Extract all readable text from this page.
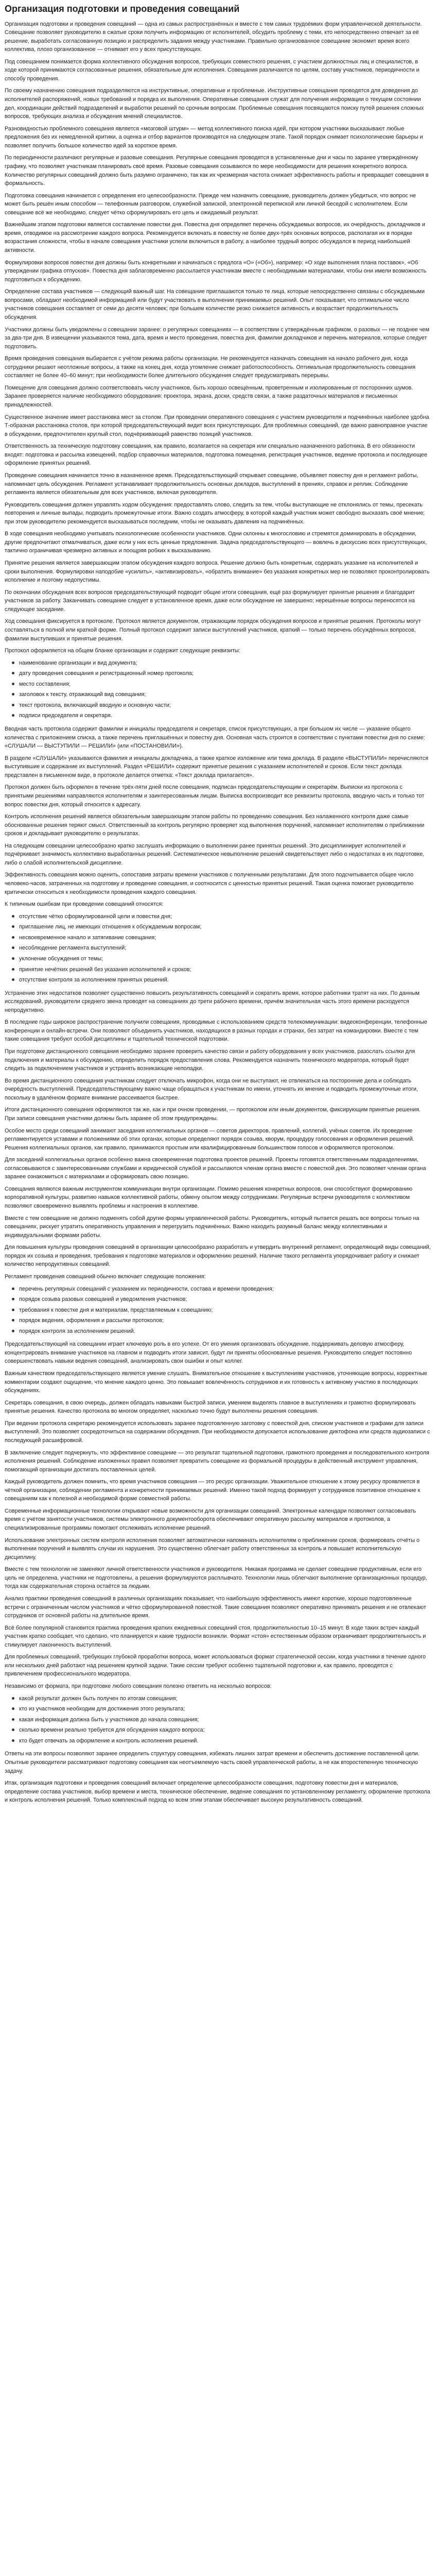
Организация подготовки и проведения совещаний

Организация подготовки и проведения совещаний — одна из самых распространённых и вместе с тем самых трудоёмких форм управленческой деятельности. Совещание позволяет руководителю в сжатые сроки получить информацию от исполнителей, обсудить проблему с теми, кто непосредственно отвечает за её решение, выработать согласованную позицию и распределить задания между участниками. Правильно организованное совещание экономит время всего коллектива, плохо организованное — отнимает его у всех присутствующих.

Под совещанием понимается форма коллективного обсуждения вопросов, требующих совместного решения, с участием должностных лиц и специалистов, в ходе которой принимаются согласованные решения, обязательные для исполнения. Совещания различаются по целям, составу участников, периодичности и способу проведения.

По своему назначению совещания подразделяются на инструктивные, оперативные и проблемные. Инструктивные совещания проводятся для доведения до исполнителей распоряжений, новых требований и порядка их выполнения. Оперативные совещания служат для получения информации о текущем состоянии дел, координации действий подразделений и выработки решений по срочным вопросам. Проблемные совещания посвящаются поиску путей решения сложных вопросов, требующих анализа и обсуждения мнений специалистов.

Разновидностью проблемного совещания является «мозговой штурм» — метод коллективного поиска идей, при котором участники высказывают любые предложения без их немедленной критики, а оценка и отбор вариантов производятся на следующем этапе. Такой порядок снимает психологические барьеры и позволяет получить большое количество идей за короткое время.

По периодичности различают регулярные и разовые совещания. Регулярные совещания проводятся в установленные дни и часы по заранее утверждённому графику, что позволяет участникам планировать своё время. Разовые совещания созываются по мере необходимости для решения конкретного вопроса. Количество регулярных совещаний должно быть разумно ограничено, так как их чрезмерная частота снижает эффективность работы и превращает совещания в формальность.

Подготовка совещания начинается с определения его целесообразности. Прежде чем назначить совещание, руководитель должен убедиться, что вопрос не может быть решён иным способом — телефонным разговором, служебной запиской, электронной перепиской или личной беседой с исполнителем. Если совещание всё же необходимо, следует чётко сформулировать его цель и ожидаемый результат.

Важнейшим этапом подготовки является составление повестки дня. Повестка дня определяет перечень обсуждаемых вопросов, их очерёдность, докладчиков и время, отводимое на рассмотрение каждого вопроса. Рекомендуется включать в повестку не более двух-трёх основных вопросов, располагая их в порядке возрастания сложности, чтобы в начале совещания участники успели включиться в работу, а наиболее трудный вопрос обсуждался в период наибольшей активности.

Формулировки вопросов повестки дня должны быть конкретными и начинаться с предлога «О» («Об»), например: «О ходе выполнения плана поставок», «Об утверждении графика отпусков». Повестка дня заблаговременно рассылается участникам вместе с необходимыми материалами, чтобы они имели возможность подготовиться к обсуждению.

Определение состава участников — следующий важный шаг. На совещание приглашаются только те лица, которые непосредственно связаны с обсуждаемыми вопросами, обладают необходимой информацией или будут участвовать в выполнении принимаемых решений. Опыт показывает, что оптимальное число участников совещания составляет от семи до десяти человек; при большем количестве резко снижается активность и возрастает продолжительность обсуждения.

Участники должны быть уведомлены о совещании заранее: о регулярных совещаниях — в соответствии с утверждённым графиком, о разовых — не позднее чем за два-три дня. В извещении указываются тема, дата, время и место проведения, повестка дня, фамилии докладчиков и перечень материалов, которые следует подготовить.

Время проведения совещания выбирается с учётом режима работы организации. Не рекомендуется назначать совещания на начало рабочего дня, когда сотрудники решают неотложные вопросы, а также на конец дня, когда утомление снижает работоспособность. Оптимальная продолжительность совещания составляет не более 40–60 минут; при необходимости более длительного обсуждения следует предусматривать перерывы.

Помещение для совещания должно соответствовать числу участников, быть хорошо освещённым, проветренным и изолированным от посторонних шумов. Заранее проверяется наличие необходимого оборудования: проектора, экрана, доски, средств связи, а также раздаточных материалов и письменных принадлежностей.

Существенное значение имеет расстановка мест за столом. При проведении оперативного совещания с участием руководителя и подчинённых наиболее удобна Т-образная расстановка столов, при которой председательствующий видит всех присутствующих. Для проблемных совещаний, где важно равноправное участие в обсуждении, предпочтителен круглый стол, подчёркивающий равенство позиций участников.

Ответственность за техническую подготовку совещания, как правило, возлагается на секретаря или специально назначенного работника. В его обязанности входят: подготовка и рассылка извещений, подбор справочных материалов, подготовка помещения, регистрация участников, ведение протокола и последующее оформление принятых решений.

Проведение совещания начинается точно в назначенное время. Председательствующий открывает совещание, объявляет повестку дня и регламент работы, напоминает цель обсуждения. Регламент устанавливает продолжительность основных докладов, выступлений в прениях, справок и реплик. Соблюдение регламента является обязательным для всех участников, включая руководителя.

Руководитель совещания должен управлять ходом обсуждения: предоставлять слово, следить за тем, чтобы выступающие не отклонялись от темы, пресекать повторения и личные выпады, подводить промежуточные итоги. Важно создать атмосферу, в которой каждый участник может свободно высказать своё мнение; при этом руководителю рекомендуется высказываться последним, чтобы не оказывать давления на подчинённых.

В ходе совещания необходимо учитывать психологические особенности участников. Одни склонны к многословию и стремятся доминировать в обсуждении, другие предпочитают отмалчиваться, даже если у них есть ценные предложения. Задача председательствующего — вовлечь в дискуссию всех присутствующих, тактично ограничивая чрезмерно активных и поощряя робких к высказыванию.

Принятие решения является завершающим этапом обсуждения каждого вопроса. Решение должно быть конкретным, содержать указание на исполнителей и сроки выполнения. Формулировки наподобие «усилить», «активизировать», «обратить внимание» без указания конкретных мер не позволяют проконтролировать исполнение и поэтому недопустимы.

По окончании обсуждения всех вопросов председательствующий подводит общие итоги совещания, ещё раз формулирует принятые решения и благодарит участников за работу. Заканчивать совещание следует в установленное время, даже если обсуждение не завершено; нерешённые вопросы переносятся на следующее заседание.

Ход совещания фиксируется в протоколе. Протокол является документом, отражающим порядок обсуждения вопросов и принятые решения. Протоколы могут составляться в полной или краткой форме. Полный протокол содержит записи выступлений участников, краткий — только перечень обсуждённых вопросов, фамилии выступивших и принятые решения.

Протокол оформляется на общем бланке организации и содержит следующие реквизиты:

наименование организации и вид документа;
дату проведения совещания и регистрационный номер протокола;
место составления;
заголовок к тексту, отражающий вид совещания;
текст протокола, включающий вводную и основную части;
подписи председателя и секретаря.

Вводная часть протокола содержит фамилии и инициалы председателя и секретаря, список присутствующих, а при большом их числе — указание общего количества с приложением списка, а также перечень приглашённых и повестку дня. Основная часть строится в соответствии с пунктами повестки дня по схеме: «СЛУШАЛИ — ВЫСТУПИЛИ — РЕШИЛИ» (или «ПОСТАНОВИЛИ»).

В разделе «СЛУШАЛИ» указываются фамилия и инициалы докладчика, а также краткое изложение или тема доклада. В разделе «ВЫСТУПИЛИ» перечисляются выступившие и содержание их выступлений. Раздел «РЕШИЛИ» содержит принятые решения с указанием исполнителей и сроков. Если текст доклада представлен в письменном виде, в протоколе делается отметка: «Текст доклада прилагается».

Протокол должен быть оформлен в течение трёх-пяти дней после совещания, подписан председательствующим и секретарём. Выписки из протокола с принятыми решениями направляются исполнителям и заинтересованным лицам. Выписка воспроизводит все реквизиты протокола, вводную часть и только тот вопрос повестки дня, который относится к адресату.

Контроль исполнения решений является обязательным завершающим этапом работы по проведению совещания. Без налаженного контроля даже самые обоснованные решения теряют смысл. Ответственный за контроль регулярно проверяет ход выполнения поручений, напоминает исполнителям о приближении сроков и докладывает руководителю о результатах.

На следующем совещании целесообразно кратко заслушать информацию о выполнении ранее принятых решений. Это дисциплинирует исполнителей и подчёркивает значимость коллективно выработанных решений. Систематическое невыполнение решений свидетельствует либо о недостатках в их подготовке, либо о слабой исполнительской дисциплине.

Эффективность совещания можно оценить, сопоставив затраты времени участников с полученными результатами. Для этого подсчитывается общее число человеко-часов, затраченных на подготовку и проведение совещания, и соотносится с ценностью принятых решений. Такая оценка помогает руководителю критически относиться к необходимости проведения каждого совещания.

К типичным ошибкам при проведении совещаний относятся:

отсутствие чётко сформулированной цели и повестки дня;
приглашение лиц, не имеющих отношения к обсуждаемым вопросам;
несвоевременное начало и затягивание совещания;
несоблюдение регламента выступлений;
уклонение обсуждения от темы;
принятие нечётких решений без указания исполнителей и сроков;
отсутствие контроля за исполнением принятых решений.

Устранение этих недостатков позволяет существенно повысить результативность совещаний и сократить время, которое работники тратят на них. По данным исследований, руководители среднего звена проводят на совещаниях до трети рабочего времени, причём значительная часть этого времени расходуется непродуктивно.

В последние годы широкое распространение получили совещания, проводимые с использованием средств телекоммуникации: видеоконференции, телефонные конференции и онлайн-встречи. Они позволяют объединить участников, находящихся в разных городах и странах, без затрат на командировки. Вместе с тем такие совещания требуют особой дисциплины и тщательной технической подготовки.

При подготовке дистанционного совещания необходимо заранее проверить качество связи и работу оборудования у всех участников, разослать ссылки для подключения и материалы к обсуждению, определить порядок предоставления слова. Рекомендуется назначить технического модератора, который будет следить за подключением участников и устранять возникающие неполадки.

Во время дистанционного совещания участникам следует отключать микрофон, когда они не выступают, не отвлекаться на посторонние дела и соблюдать очерёдность выступлений. Председательствующему важно чаще обращаться к участникам по имени, уточнять их мнение и подводить промежуточные итоги, поскольку в удалённом формате внимание рассеивается быстрее.

Итоги дистанционного совещания оформляются так же, как и при очном проведении, — протоколом или иным документом, фиксирующим принятые решения. При записи совещания участники должны быть заранее об этом предупреждены.

Особое место среди совещаний занимают заседания коллегиальных органов — советов директоров, правлений, коллегий, учёных советов. Их проведение регламентируется уставами и положениями об этих органах, которые определяют порядок созыва, кворум, процедуру голосования и оформления решений. Решения коллегиальных органов, как правило, принимаются простым или квалифицированным большинством голосов и оформляются протоколом.

Для заседаний коллегиальных органов особенно важна своевременная подготовка проектов решений. Проекты готовятся ответственными подразделениями, согласовываются с заинтересованными службами и юридической службой и рассылаются членам органа вместе с повесткой дня. Это позволяет членам органа заранее ознакомиться с материалами и сформировать свою позицию.

Совещания являются важным инструментом коммуникации внутри организации. Помимо решения конкретных вопросов, они способствуют формированию корпоративной культуры, развитию навыков коллективной работы, обмену опытом между сотрудниками. Регулярные встречи руководителя с коллективом позволяют своевременно выявлять проблемы и настроения в коллективе.

Вместе с тем совещание не должно подменять собой другие формы управленческой работы. Руководитель, который пытается решать все вопросы только на совещаниях, рискует утратить оперативность управления и перегрузить подчинённых. Важно находить разумный баланс между коллективными и индивидуальными формами работы.

Для повышения культуры проведения совещаний в организации целесообразно разработать и утвердить внутренний регламент, определяющий виды совещаний, порядок их созыва и проведения, требования к подготовке материалов и оформлению решений. Наличие такого регламента упорядочивает работу и снижает количество непродуктивных совещаний.

Регламент проведения совещаний обычно включает следующие положения:

перечень регулярных совещаний с указанием их периодичности, состава и времени проведения;
порядок созыва разовых совещаний и уведомления участников;
требования к повестке дня и материалам, представляемым к совещанию;
порядок ведения, оформления и рассылки протоколов;
порядок контроля за исполнением решений.

Председательствующий на совещании играет ключевую роль в его успехе. От его умения организовать обсуждение, поддерживать деловую атмосферу, концентрировать внимание участников на главном и подводить итоги зависит, будут ли приняты обоснованные решения. Руководителю следует постоянно совершенствовать навыки ведения совещаний, анализировать свои ошибки и опыт коллег.

Важным качеством председательствующего является умение слушать. Внимательное отношение к выступлениям участников, уточняющие вопросы, корректные комментарии создают ощущение, что мнение каждого ценно. Это повышает вовлечённость сотрудников и их готовность к активному участию в последующих обсуждениях.

Секретарь совещания, в свою очередь, должен обладать навыками быстрой записи, умением выделять главное в выступлениях и грамотно формулировать принятые решения. Качество протокола во многом определяет, насколько точно будут выполнены решения совещания.

При ведении протокола секретарю рекомендуется использовать заранее подготовленную заготовку с повесткой дня, списком участников и графами для записи выступлений. Это позволяет сосредоточиться на содержании обсуждения. При необходимости допускается использование диктофона или средств аудиозаписи с последующей расшифровкой.

В заключение следует подчеркнуть, что эффективное совещание — это результат тщательной подготовки, грамотного проведения и последовательного контроля исполнения решений. Соблюдение изложенных правил позволяет превратить совещание из формальной процедуры в действенный инструмент управления, помогающий организации достигать поставленных целей.

Каждый руководитель должен помнить, что время участников совещания — это ресурс организации. Уважительное отношение к этому ресурсу проявляется в чёткой организации, соблюдении регламента и конкретности принимаемых решений. Именно такой подход формирует у сотрудников позитивное отношение к совещаниям как к полезной и необходимой форме совместной работы.

Современные информационные технологии открывают новые возможности для организации совещаний. Электронные календари позволяют согласовывать время с учётом занятости участников, системы электронного документооборота обеспечивают оперативную рассылку материалов и протоколов, а специализированные программы помогают отслеживать исполнение решений.

Использование электронных систем контроля исполнения позволяет автоматически напоминать исполнителям о приближении сроков, формировать отчёты о выполнении поручений и выявлять случаи их нарушения. Это существенно облегчает работу ответственных за контроль и повышает исполнительскую дисциплину.

Вместе с тем технологии не заменяют личной ответственности участников и руководителя. Никакая программа не сделает совещание продуктивным, если его цель не определена, участники не подготовлены, а решения формулируются расплывчато. Технологии лишь облегчают выполнение организационных процедур, тогда как содержательная сторона остаётся за людьми.

Анализ практики проведения совещаний в различных организациях показывает, что наибольшую эффективность имеют короткие, хорошо подготовленные встречи с ограниченным числом участников и чётко сформулированной повесткой. Такие совещания позволяют оперативно принимать решения и не отвлекают сотрудников от основной работы на длительное время.

Всё более популярной становится практика проведения кратких ежедневных совещаний стоя, продолжительностью 10–15 минут. В ходе таких встреч каждый участник кратко сообщает, что сделано, что планируется и какие трудности возникли. Формат «стоя» естественным образом ограничивает продолжительность и стимулирует лаконичность выступлений.

Для проблемных совещаний, требующих глубокой проработки вопроса, может использоваться формат стратегической сессии, когда участники в течение одного или нескольких дней работают над решением крупной задачи. Такие сессии требуют особенно тщательной подготовки и, как правило, проводятся с привлечением профессионального модератора.

Независимо от формата, при подготовке любого совещания полезно ответить на несколько вопросов:

какой результат должен быть получен по итогам совещания;
кто из участников необходим для достижения этого результата;
какая информация должна быть у участников до начала совещания;
сколько времени реально требуется для обсуждения каждого вопроса;
кто будет отвечать за оформление и контроль исполнения решений.

Ответы на эти вопросы позволяют заранее определить структуру совещания, избежать лишних затрат времени и обеспечить достижение поставленной цели. Опытные руководители рассматривают подготовку совещания как неотъемлемую часть своей управленческой работы, а не как второстепенную техническую задачу.

Итак, организация подготовки и проведения совещаний включает определение целесообразности совещания, подготовку повестки дня и материалов, определение состава участников, выбор времени и места, техническое обеспечение, ведение совещания по установленному регламенту, оформление протокола и контроль исполнения решений. Только комплексный подход ко всем этим этапам обеспечивает высокую результативность совещаний.
